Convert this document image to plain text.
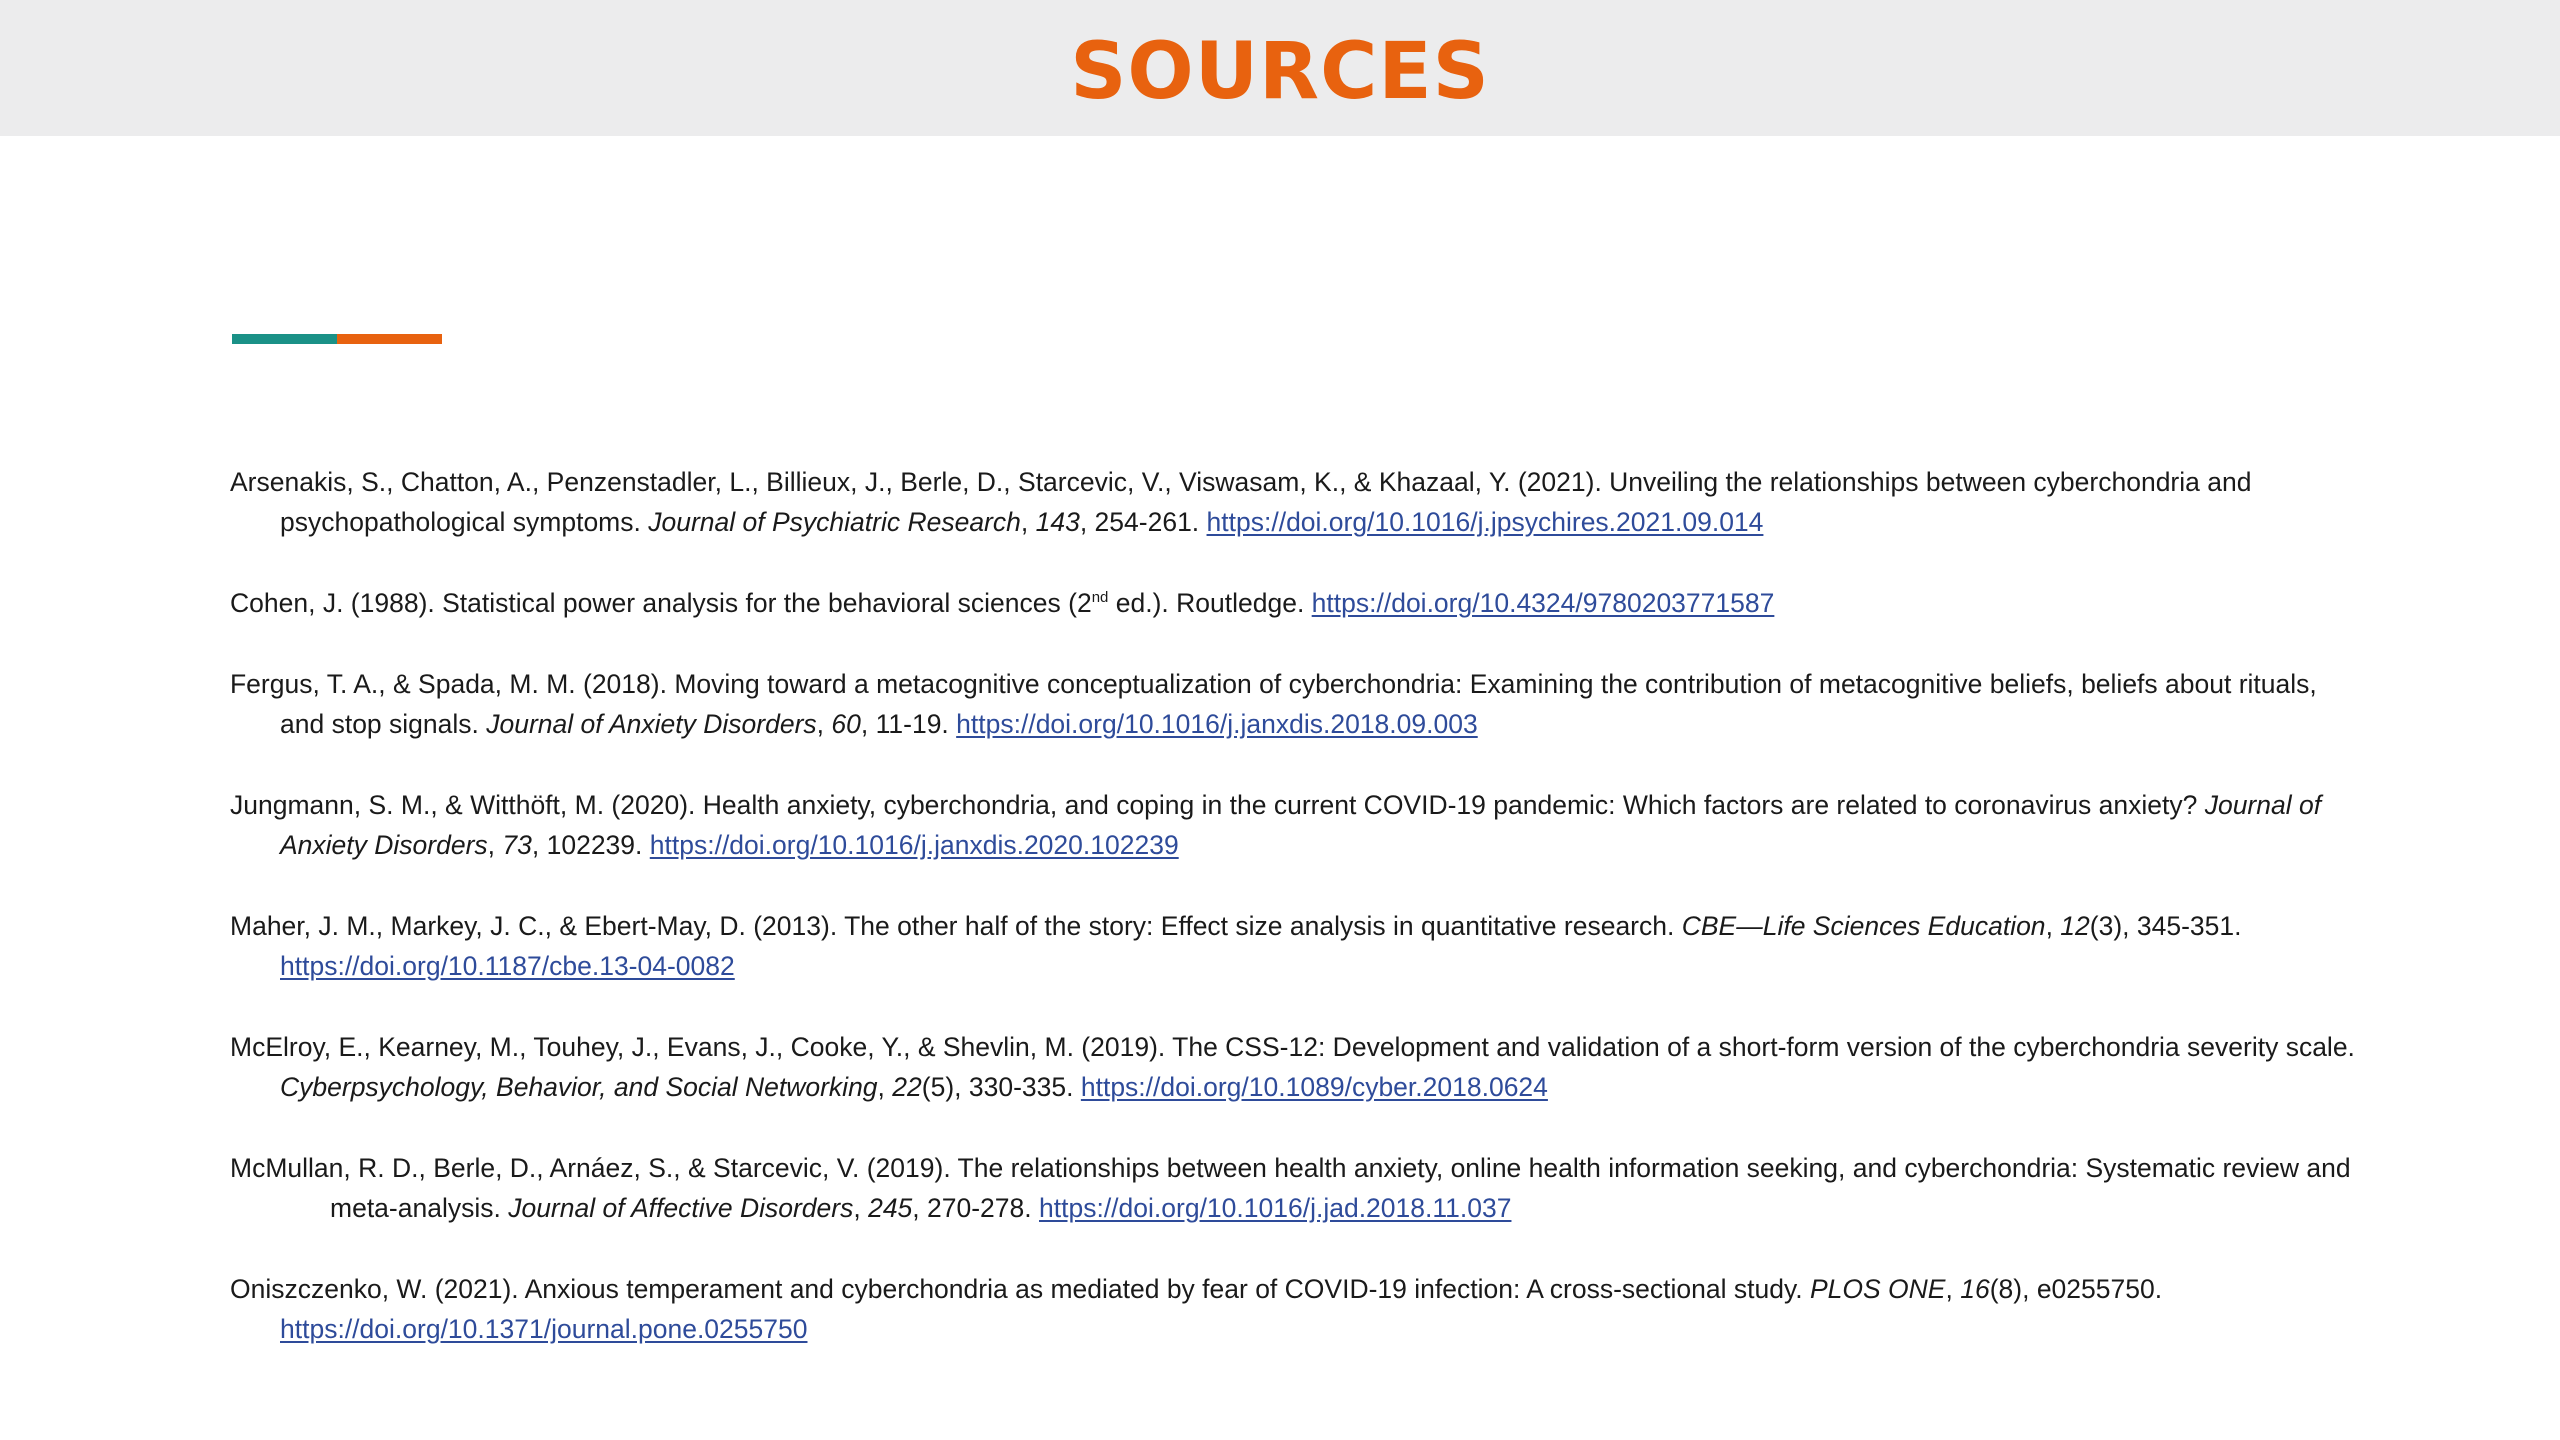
SOURCES

Arsenakis, S., Chatton, A., Penzenstadler, L., Billieux, J., Berle, D., Starcevic, V., Viswasam, K., & Khazaal, Y. (2021). Unveiling the relationships between cyberchondria and psychopathological symptoms. Journal of Psychiatric Research, 143, 254-261. https://doi.org/10.1016/j.jpsychires.2021.09.014

Cohen, J. (1988). Statistical power analysis for the behavioral sciences (2nd ed.). Routledge. https://doi.org/10.4324/9780203771587

Fergus, T. A., & Spada, M. M. (2018). Moving toward a metacognitive conceptualization of cyberchondria: Examining the contribution of metacognitive beliefs, beliefs about rituals, and stop signals. Journal of Anxiety Disorders, 60, 11-19. https://doi.org/10.1016/j.janxdis.2018.09.003

Jungmann, S. M., & Witthöft, M. (2020). Health anxiety, cyberchondria, and coping in the current COVID-19 pandemic: Which factors are related to coronavirus anxiety? Journal of Anxiety Disorders, 73, 102239. https://doi.org/10.1016/j.janxdis.2020.102239

Maher, J. M., Markey, J. C., & Ebert-May, D. (2013). The other half of the story: Effect size analysis in quantitative research. CBE—Life Sciences Education, 12(3), 345-351. https://doi.org/10.1187/cbe.13-04-0082

McElroy, E., Kearney, M., Touhey, J., Evans, J., Cooke, Y., & Shevlin, M. (2019). The CSS-12: Development and validation of a short-form version of the cyberchondria severity scale. Cyberpsychology, Behavior, and Social Networking, 22(5), 330-335. https://doi.org/10.1089/cyber.2018.0624

McMullan, R. D., Berle, D., Arnáez, S., & Starcevic, V. (2019). The relationships between health anxiety, online health information seeking, and cyberchondria: Systematic review and meta-analysis. Journal of Affective Disorders, 245, 270-278. https://doi.org/10.1016/j.jad.2018.11.037

Oniszczenko, W. (2021). Anxious temperament and cyberchondria as mediated by fear of COVID-19 infection: A cross-sectional study. PLOS ONE, 16(8), e0255750. https://doi.org/10.1371/journal.pone.0255750
